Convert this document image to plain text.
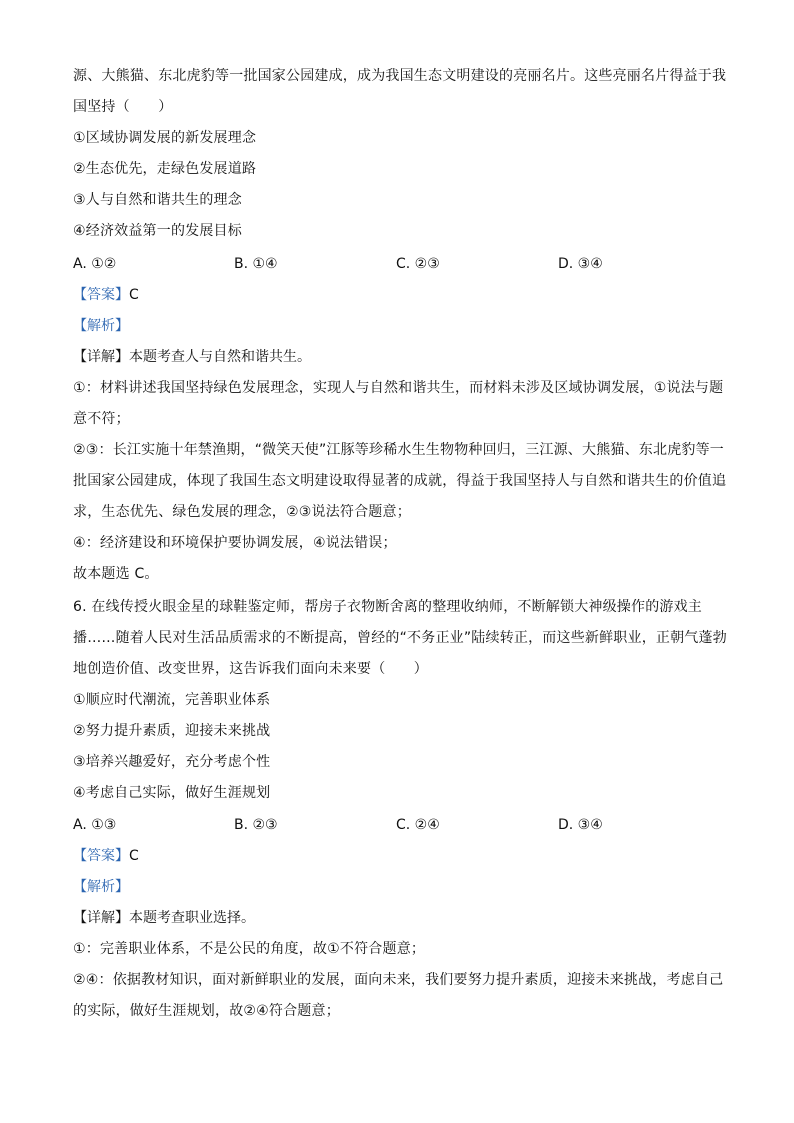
源、大熊猫、东北虎豹等一批国家公园建成，成为我国生态文明建设的亮丽名片。这些亮丽名片得益于我
国坚持（　　）
①区域协调发展的新发展理念
②生态优先，走绿色发展道路
③人与自然和谐共生的理念
④经济效益第一的发展目标
A. ①②	B. ①④	C. ②③	D. ③④
【答案】C
【解析】
【详解】本题考查人与自然和谐共生。
①：材料讲述我国坚持绿色发展理念，实现人与自然和谐共生，而材料未涉及区域协调发展，①说法与题
意不符；
②③：长江实施十年禁渔期，“微笑天使”江豚等珍稀水生生物物种回归，三江源、大熊猫、东北虎豹等一
批国家公园建成，体现了我国生态文明建设取得显著的成就，得益于我国坚持人与自然和谐共生的价值追
求，生态优先、绿色发展的理念，②③说法符合题意；
④：经济建设和环境保护要协调发展，④说法错误；
故本题选 C。
6. 在线传授火眼金星的球鞋鉴定师，帮房子衣物断舍离的整理收纳师，不断解锁大神级操作的游戏主
播……随着人民对生活品质需求的不断提高，曾经的“不务正业”陆续转正，而这些新鲜职业，正朝气蓬勃
地创造价值、改变世界，这告诉我们面向未来要（　　）
①顺应时代潮流，完善职业体系
②努力提升素质，迎接未来挑战
③培养兴趣爱好，充分考虑个性
④考虑自己实际，做好生涯规划
A. ①③	B. ②③	C. ②④	D. ③④
【答案】C
【解析】
【详解】本题考查职业选择。
①：完善职业体系，不是公民的角度，故①不符合题意；
②④：依据教材知识，面对新鲜职业的发展，面向未来，我们要努力提升素质，迎接未来挑战，考虑自己
的实际，做好生涯规划，故②④符合题意；
